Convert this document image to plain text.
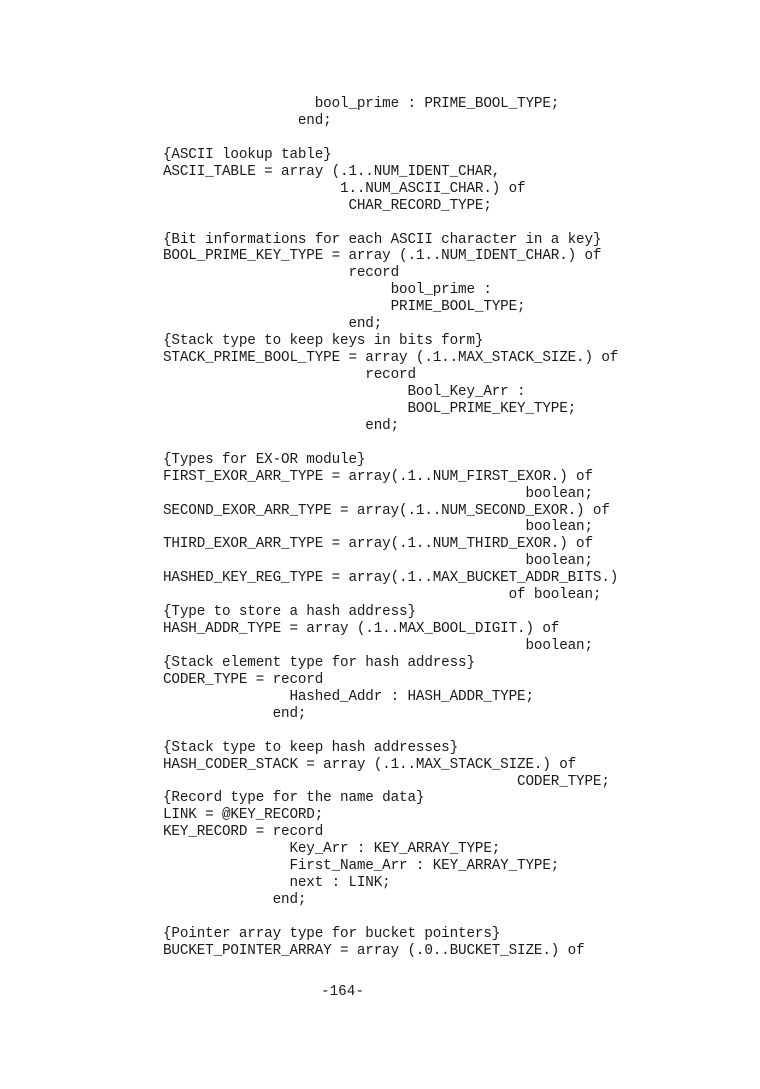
bool_prime : PRIME_BOOL_TYPE;
end;
{ASCII lookup table}
ASCII_TABLE = array (.1..NUM_IDENT_CHAR,
1..NUM_ASCII_CHAR.) of
CHAR_RECORD_TYPE;
{Bit informations for each ASCII character in a key}
BOOL_PRIME_KEY_TYPE = array (.1..NUM_IDENT_CHAR.) of
record
bool_prime :
PRIME_BOOL_TYPE;
end;
{Stack type to keep keys in bits form}
STACK_PRIME_BOOL_TYPE = array (.1..MAX_STACK_SIZE.) of
record
Bool_Key_Arr :
BOOL_PRIME_KEY_TYPE;
end;
{Types for EX-OR module}
FIRST_EXOR_ARR_TYPE = array(.1..NUM_FIRST_EXOR.) of
boolean;
SECOND_EXOR_ARR_TYPE = array(.1..NUM_SECOND_EXOR.) of
boolean;
THIRD_EXOR_ARR_TYPE = array(.1..NUM_THIRD_EXOR.) of
boolean;
HASHED_KEY_REG_TYPE = array(.1..MAX_BUCKET_ADDR_BITS.)
of boolean;
{Type to store a hash address}
HASH_ADDR_TYPE = array (.1..MAX_BOOL_DIGIT.) of
boolean;
{Stack element type for hash address}
CODER_TYPE = record
Hashed_Addr : HASH_ADDR_TYPE;
end;
{Stack type to keep hash addresses}
HASH_CODER_STACK = array (.1..MAX_STACK_SIZE.) of
CODER_TYPE;
{Record type for the name data}
LINK = @KEY_RECORD;
KEY_RECORD = record
Key_Arr : KEY_ARRAY_TYPE;
First_Name_Arr : KEY_ARRAY_TYPE;
next : LINK;
end;
{Pointer array type for bucket pointers}
BUCKET_POINTER_ARRAY = array (.0..BUCKET_SIZE.) of
-164-
